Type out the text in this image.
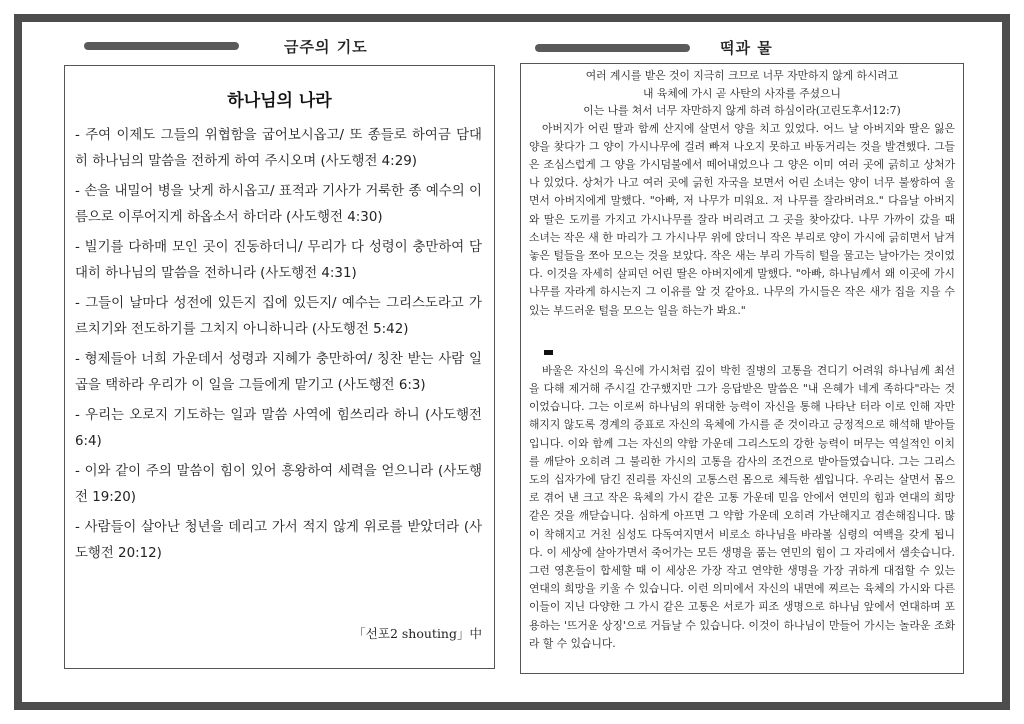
금주의 기도	떡과 물
하나님의 나라
- 주여 이제도 그들의 위협함을 굽어보시옵고/ 또 종들로 하여금 담대히 하나님의 말씀을 전하게 하여 주시오며 (사도행전 4:29)
- 손을 내밀어 병을 낫게 하시옵고/ 표적과 기사가 거룩한 종 예수의 이름으로 이루어지게 하옵소서 하더라 (사도행전 4:30)
- 빌기를 다하매 모인 곳이 진동하더니/ 무리가 다 성령이 충만하여 담대히 하나님의 말씀을 전하니라 (사도행전 4:31)
- 그들이 날마다 성전에 있든지 집에 있든지/ 예수는 그리스도라고 가르치기와 전도하기를 그치지 아니하니라 (사도행전 5:42)
- 형제들아 너희 가운데서 성령과 지혜가 충만하여/ 칭찬 받는 사람 일곱을 택하라 우리가 이 일을 그들에게 맡기고 (사도행전 6:3)
- 우리는 오로지 기도하는 일과 말씀 사역에 힘쓰리라 하니 (사도행전 6:4)
- 이와 같이 주의 말씀이 힘이 있어 흥왕하여 세력을 얻으니라 (사도행전 19:20)
- 사람들이 살아난 청년을 데리고 가서 적지 않게 위로를 받았더라 (사도행전 20:12)
「선포2 shouting」中
여러 계시를 받은 것이 지극히 크므로 너무 자만하지 않게 하시려고
내 육체에 가시 곧 사탄의 사자를 주셨으니
이는 나를 쳐서 너무 자만하지 않게 하려 하심이라(고린도후서12:7)

아버지가 어린 딸과 함께 산지에 살면서 양을 치고 있었다. 어느 날 아버지와 딸은 잃은 양을 찾다가 그 양이 가시나무에 걸려 빠져 나오지 못하고 바동거리는 것을 발견했다. 그들은 조심스럽게 그 양을 가시덤불에서 떼어내었으나 그 양은 이미 여러 곳에 긁히고 상처가 나 있었다. 상처가 나고 여러 곳에 긁힌 자국을 보면서 어린 소녀는 양이 너무 불쌍하여 울면서 아버지에게 말했다. "아빠, 저 나무가 미워요. 저 나무를 잘라버려요." 다음날 아버지와 딸은 도끼를 가지고 가시나무를 잘라 버리려고 그 곳을 찾아갔다. 나무 가까이 갔을 때 소녀는 작은 새 한 마리가 그 가시나무 위에 앉더니 작은 부리로 양이 가시에 긁히면서 남겨놓은 털들을 쪼아 모으는 것을 보았다. 작은 새는 부리 가득히 털을 물고는 날아가는 것이었다. 이것을 자세히 살피던 어린 딸은 아버지에게 말했다. "아빠, 하나님께서 왜 이곳에 가시나무를 자라게 하시는지 그 이유를 알 것 같아요. 나무의 가시들은 작은 새가 집을 지을 수 있는 부드러운 털을 모으는 일을 하는가 봐요."

바울은 자신의 육신에 가시처럼 깊이 박힌 질병의 고통을 견디기 어려워 하나님께 최선을 다해 제거해 주시길 간구했지만 그가 응답받은 말씀은 "내 은혜가 네게 족하다"라는 것이었습니다. 그는 이로써 하나님의 위대한 능력이 자신을 통해 나타난 터라 이로 인해 자만해지지 않도록 경계의 증표로 자신의 육체에 가시를 준 것이라고 긍정적으로 해석해 받아들입니다. 이와 함께 그는 자신의 약함 가운데 그리스도의 강한 능력이 머무는 역설적인 이치를 깨닫아 오히려 그 불리한 가시의 고통을 감사의 조건으로 받아들였습니다. 그는 그리스도의 십자가에 담긴 진리를 자신의 고통스런 몸으로 체득한 셈입니다. 우리는 살면서 몸으로 겪어 낸 크고 작은 육체의 가시 같은 고통 가운데 믿음 안에서 연민의 힘과 연대의 희망 같은 것을 깨닫습니다. 심하게 아프면 그 약함 가운데 오히려 가난해지고 겸손해집니다. 많이 착해지고 거친 심성도 다독여지면서 비로소 하나님을 바라볼 심령의 여백을 갖게 됩니다. 이 세상에 살아가면서 죽어가는 모든 생명을 품는 연민의 힘이 그 자리에서 샘솟습니다. 그런 영혼들이 합세할 때 이 세상은 가장 작고 연약한 생명을 가장 귀하게 대접할 수 있는 연대의 희망을 키울 수 있습니다. 이런 의미에서 자신의 내면에 찌르는 육체의 가시와 다른 이들이 지닌 다양한 그 가시 같은 고통은 서로가 피조 생명으로 하나님 앞에서 연대하며 포용하는 '뜨거운 상징'으로 거듭날 수 있습니다. 이것이 하나님이 만들어 가시는 놀라운 조화라 할 수 있습니다.
